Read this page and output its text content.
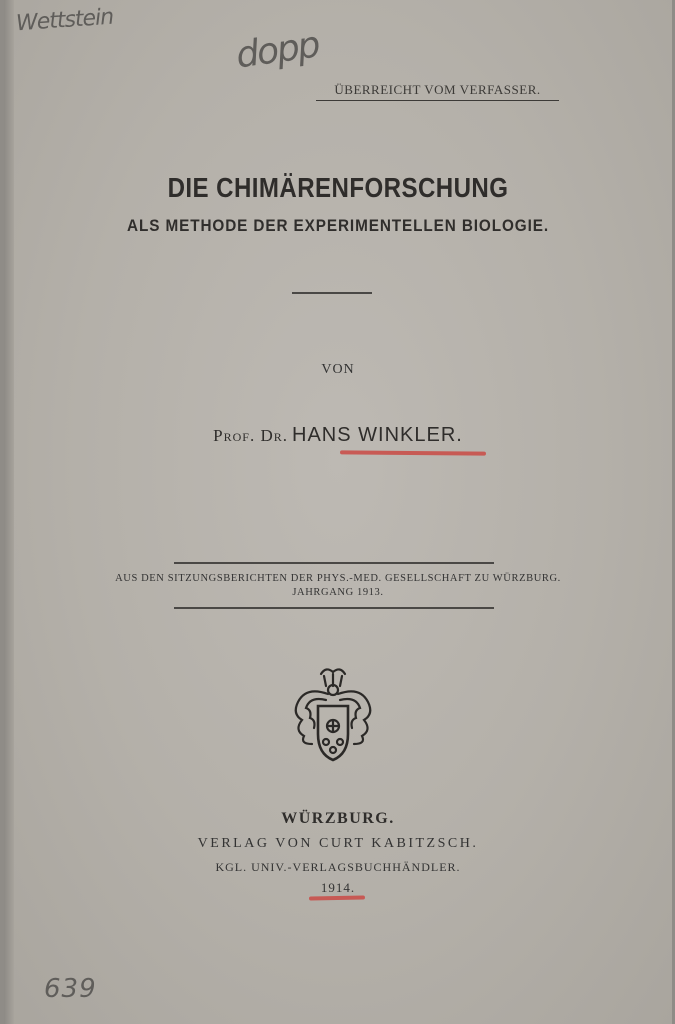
Wettstein
dopp
ÜBERREICHT VOM VERFASSER.
DIE CHIMÄRENFORSCHUNG
ALS METHODE DER EXPERIMENTELLEN BIOLOGIE.
VON
Prof. Dr. HANS WINKLER.
AUS DEN SITZUNGSBERICHTEN DER PHYS.-MED. GESELLSCHAFT ZU WÜRZBURG.
JAHRGANG 1913.
WÜRZBURG.
VERLAG VON CURT KABITZSCH.
KGL. UNIV.-VERLAGSBUCHHÄNDLER.
1914.
639
